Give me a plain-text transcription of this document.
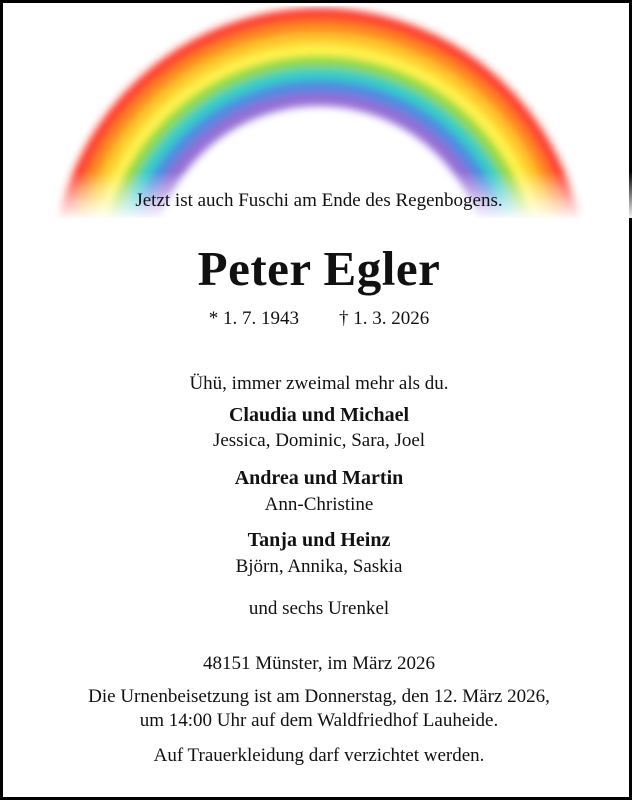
Jetzt ist auch Fuschi am Ende des Regenbogens.
Peter Egler
* 1. 7. 1943 † 1. 3. 2026
Ühü, immer zweimal mehr als du.
Claudia und Michael
Jessica, Dominic, Sara, Joel
Andrea und Martin
Ann-Christine
Tanja und Heinz
Björn, Annika, Saskia
und sechs Urenkel
48151 Münster, im März 2026
Die Urnenbeisetzung ist am Donnerstag, den 12. März 2026,
um 14:00 Uhr auf dem Waldfriedhof Lauheide.
Auf Trauerkleidung darf verzichtet werden.
